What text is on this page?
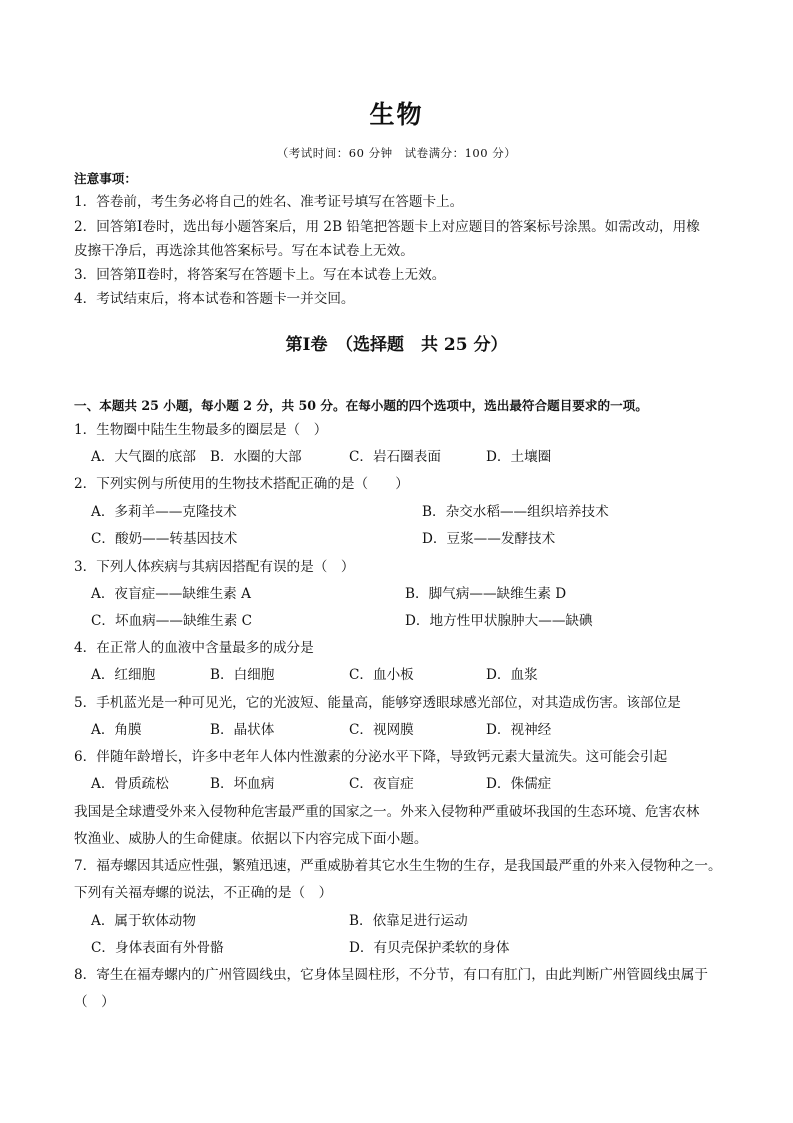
生物
（考试时间：60 分钟　试卷满分：100 分）
注意事项：
1．答卷前，考生务必将自己的姓名、准考证号填写在答题卡上。
2．回答第Ⅰ卷时，选出每小题答案后，用 2B 铅笔把答题卡上对应题目的答案标号涂黑。如需改动，用橡
皮擦干净后，再选涂其他答案标号。写在本试卷上无效。
3．回答第Ⅱ卷时，将答案写在答题卡上。写在本试卷上无效。
4．考试结束后，将本试卷和答题卡一并交回。
第Ⅰ卷　（选择题　共 25 分）
一、本题共 25 小题，每小题 2 分，共 50 分。在每小题的四个选项中，选出最符合题目要求的一项。
1．生物圈中陆生生物最多的圈层是（　）
A．大气圈的底部 B．水圈的大部	C．岩石圈表面	D．土壤圈
2．下列实例与所使用的生物技术搭配正确的是（　　）
A．多莉羊——克隆技术	B．杂交水稻——组织培养技术
C．酸奶——转基因技术	D．豆浆——发酵技术
3．下列人体疾病与其病因搭配有误的是（　）
A．夜盲症——缺维生素 A	B．脚气病——缺维生素 D
C．坏血病——缺维生素 C	D．地方性甲状腺肿大——缺碘
4．在正常人的血液中含量最多的成分是
A．红细胞	B．白细胞	C．血小板	D．血浆
5．手机蓝光是一种可见光，它的光波短、能量高，能够穿透眼球感光部位，对其造成伤害。该部位是
A．角膜	B．晶状体	C．视网膜	D．视神经
6．伴随年龄增长，许多中老年人体内性激素的分泌水平下降，导致钙元素大量流失。这可能会引起
A．骨质疏松	B．坏血病	C．夜盲症	D．侏儒症
我国是全球遭受外来入侵物种危害最严重的国家之一。外来入侵物种严重破坏我国的生态环境、危害农林
牧渔业、威胁人的生命健康。依据以下内容完成下面小题。
7．福寿螺因其适应性强，繁殖迅速，严重威胁着其它水生生物的生存，是我国最严重的外来入侵物种之一。
下列有关福寿螺的说法，不正确的是（　）
A．属于软体动物	B．依靠足进行运动
C．身体表面有外骨骼	D．有贝壳保护柔软的身体
8．寄生在福寿螺内的广州管圆线虫，它身体呈圆柱形，不分节，有口有肛门，由此判断广州管圆线虫属于
（　）
